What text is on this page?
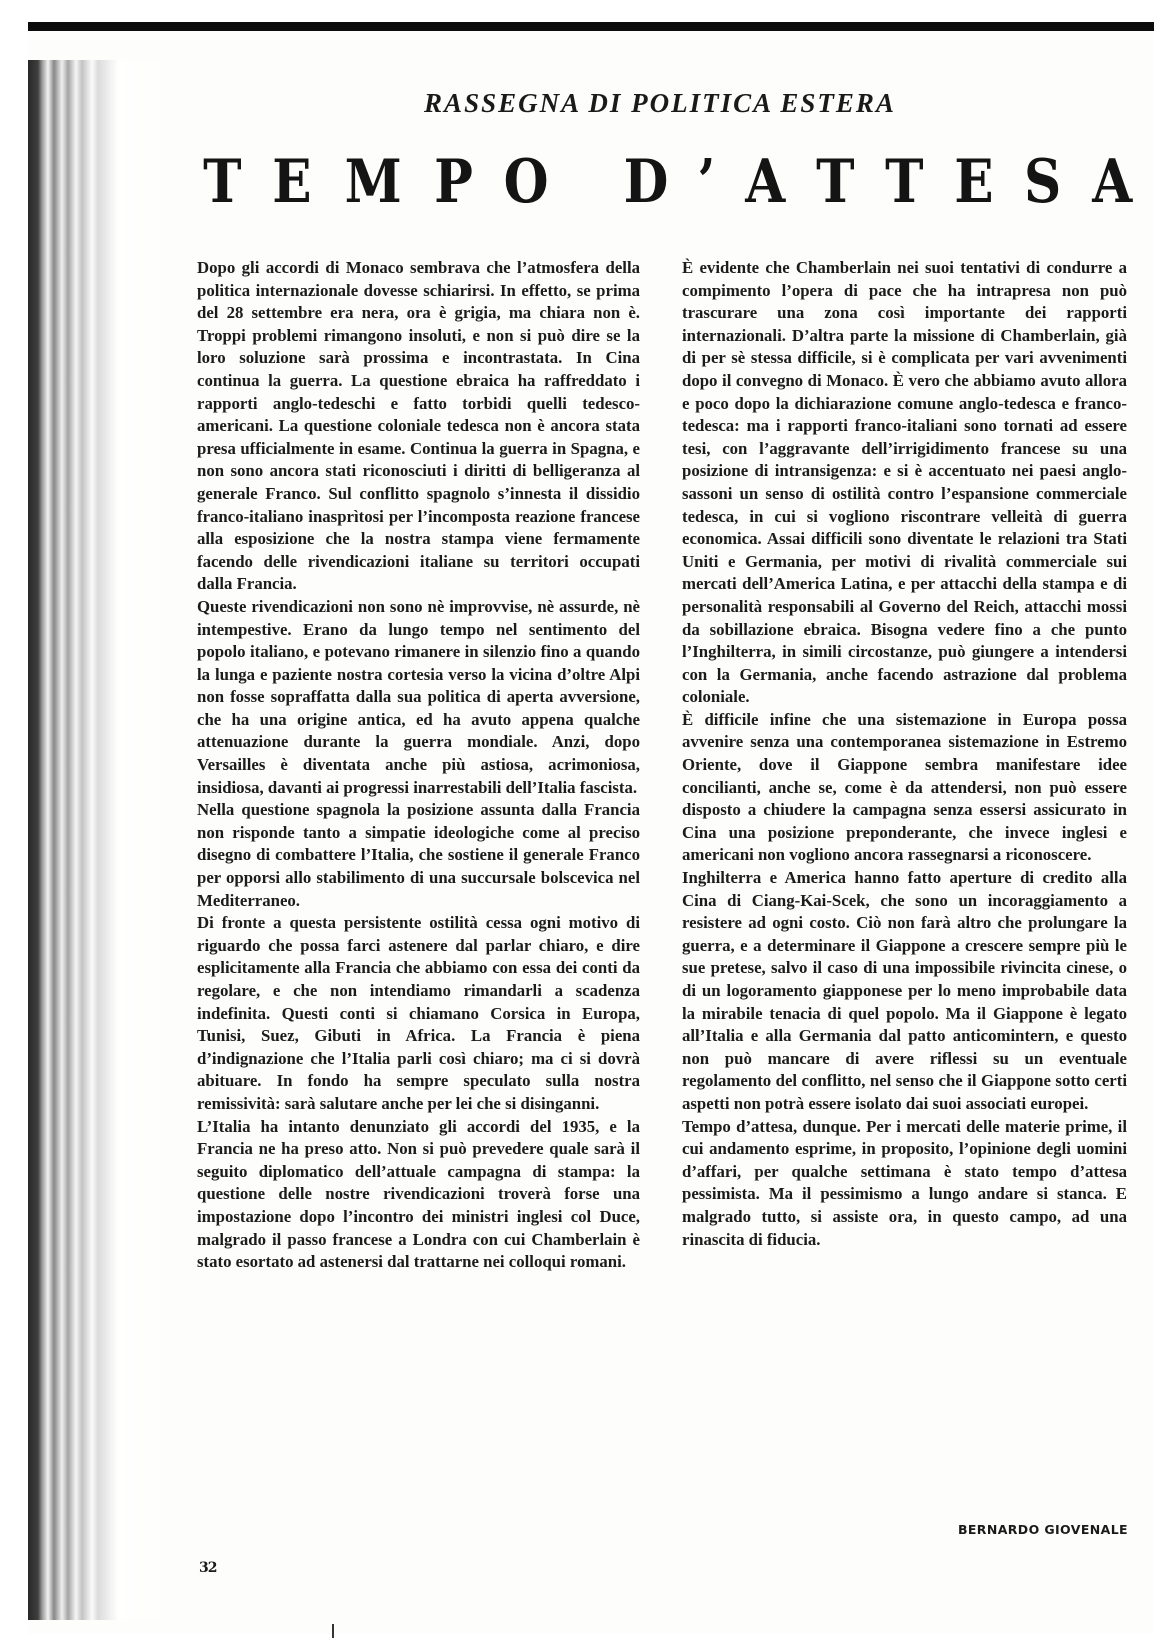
RASSEGNA DI POLITICA ESTERA
T E M P O D ’ A T T E S A

Dopo gli accordi di Monaco sembrava che l’atmosfera della politica internazionale dovesse schiarirsi. In effetto, se prima del 28 settembre era nera, ora è grigia, ma chiara non è. Troppi problemi rimangono insoluti, e non si può dire se la loro soluzione sarà prossima e incontrastata. In Cina continua la guerra. La questione ebraica ha raffreddato i rapporti anglo-tedeschi e fatto torbidi quelli tedesco-americani. La questione coloniale tedesca non è ancora stata presa ufficialmente in esame. Continua la guerra in Spagna, e non sono ancora stati riconosciuti i diritti di belligeranza al generale Franco. Sul conflitto spagnolo s’innesta il dissidio franco-italiano inasprìtosi per l’incomposta reazione francese alla esposizione che la nostra stampa viene fermamente facendo delle rivendicazioni italiane su territori occupati dalla Francia.

Queste rivendicazioni non sono nè improvvise, nè assurde, nè intempestive. Erano da lungo tempo nel sentimento del popolo italiano, e potevano rimanere in silenzio fino a quando la lunga e paziente nostra cortesia verso la vicina d’oltre Alpi non fosse sopraffatta dalla sua politica di aperta avversione, che ha una origine antica, ed ha avuto appena qualche attenuazione durante la guerra mondiale. Anzi, dopo Versailles è diventata anche più astiosa, acrimoniosa, insidiosa, davanti ai progressi inarrestabili dell’Italia fascista.

Nella questione spagnola la posizione assunta dalla Francia non risponde tanto a simpatie ideologiche come al preciso disegno di combattere l’Italia, che sostiene il generale Franco per opporsi allo stabilimento di una succursale bolscevica nel Mediterraneo.

Di fronte a questa persistente ostilità cessa ogni motivo di riguardo che possa farci astenere dal parlar chiaro, e dire esplicitamente alla Francia che abbiamo con essa dei conti da regolare, e che non intendiamo rimandarli a scadenza indefinita. Questi conti si chiamano Corsica in Europa, Tunisi, Suez, Gibuti in Africa. La Francia è piena d’indignazione che l’Italia parli così chiaro; ma ci si dovrà abituare. In fondo ha sempre speculato sulla nostra remissività: sarà salutare anche per lei che si disinganni.

L’Italia ha intanto denunziato gli accordi del 1935, e la Francia ne ha preso atto. Non si può prevedere quale sarà il seguito diplomatico dell’attuale campagna di stampa: la questione delle nostre rivendicazioni troverà forse una impostazione dopo l’incontro dei ministri inglesi col Duce, malgrado il passo francese a Londra con cui Chamberlain è stato esortato ad astenersi dal trattarne nei colloqui romani.

È evidente che Chamberlain nei suoi tentativi di condurre a compimento l’opera di pace che ha intrapresa non può trascurare una zona così importante dei rapporti internazionali. D’altra parte la missione di Chamberlain, già di per sè stessa difficile, si è complicata per vari avvenimenti dopo il convegno di Monaco. È vero che abbiamo avuto allora e poco dopo la dichiarazione comune anglo-tedesca e franco-tedesca: ma i rapporti franco-italiani sono tornati ad essere tesi, con l’aggravante dell’irrigidimento francese su una posizione di intransigenza: e si è accentuato nei paesi anglo-sassoni un senso di ostilità contro l’espansione commerciale tedesca, in cui si vogliono riscontrare velleità di guerra economica. Assai difficili sono diventate le relazioni tra Stati Uniti e Germania, per motivi di rivalità commerciale sui mercati dell’America Latina, e per attacchi della stampa e di personalità responsabili al Governo del Reich, attacchi mossi da sobillazione ebraica. Bisogna vedere fino a che punto l’Inghilterra, in simili circostanze, può giungere a intendersi con la Germania, anche facendo astrazione dal problema coloniale.

È difficile infine che una sistemazione in Europa possa avvenire senza una contemporanea sistemazione in Estremo Oriente, dove il Giappone sembra manifestare idee concilianti, anche se, come è da attendersi, non può essere disposto a chiudere la campagna senza essersi assicurato in Cina una posizione preponderante, che invece inglesi e americani non vogliono ancora rassegnarsi a riconoscere.

Inghilterra e America hanno fatto aperture di credito alla Cina di Ciang-Kai-Scek, che sono un incoraggiamento a resistere ad ogni costo. Ciò non farà altro che prolungare la guerra, e a determinare il Giappone a crescere sempre più le sue pretese, salvo il caso di una impossibile rivincita cinese, o di un logoramento giapponese per lo meno improbabile data la mirabile tenacia di quel popolo. Ma il Giappone è legato all’Italia e alla Germania dal patto anticomintern, e questo non può mancare di avere riflessi su un eventuale regolamento del conflitto, nel senso che il Giappone sotto certi aspetti non potrà essere isolato dai suoi associati europei.

Tempo d’attesa, dunque. Per i mercati delle materie prime, il cui andamento esprime, in proposito, l’opinione degli uomini d’affari, per qualche settimana è stato tempo d’attesa pessimista. Ma il pessimismo a lungo andare si stanca. E malgrado tutto, si assiste ora, in questo campo, ad una rinascita di fiducia.

BERNARDO GIOVENALE
32
